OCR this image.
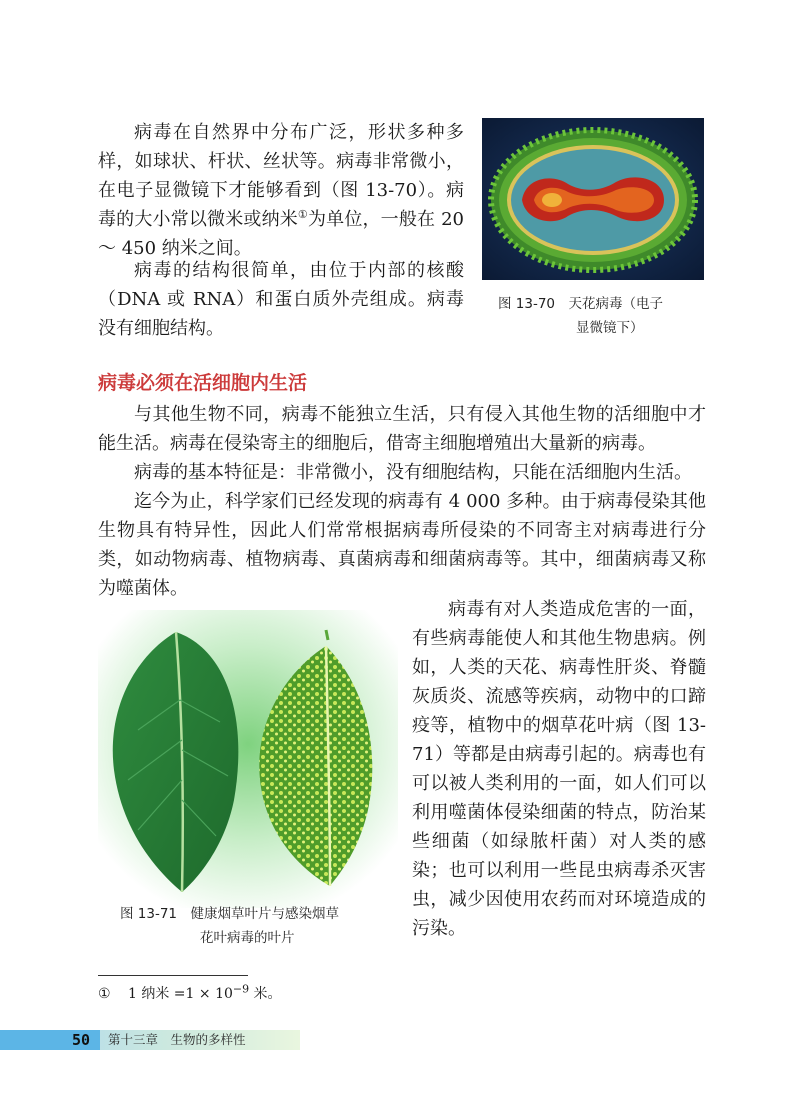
病毒在自然界中分布广泛，形状多种多样，如球状、杆状、丝状等。病毒非常微小，在电子显微镜下才能够看到（图 13-70）。病毒的大小常以微米或纳米①为单位，一般在 20 ～ 450 纳米之间。

病毒的结构很简单，由位于内部的核酸（DNA 或 RNA）和蛋白质外壳组成。病毒没有细胞结构。

图 13-70　天花病毒（电子
显微镜下）

病毒必须在活细胞内生活

与其他生物不同，病毒不能独立生活，只有侵入其他生物的活细胞中才能生活。病毒在侵染寄主的细胞后，借寄主细胞增殖出大量新的病毒。

病毒的基本特征是：非常微小，没有细胞结构，只能在活细胞内生活。

迄今为止，科学家们已经发现的病毒有 4 000 多种。由于病毒侵染其他生物具有特异性，因此人们常常根据病毒所侵染的不同寄主对病毒进行分类，如动物病毒、植物病毒、真菌病毒和细菌病毒等。其中，细菌病毒又称为噬菌体。

病毒有对人类造成危害的一面，有些病毒能使人和其他生物患病。例如，人类的天花、病毒性肝炎、脊髓灰质炎、流感等疾病，动物中的口蹄疫等，植物中的烟草花叶病（图 13-71）等都是由病毒引起的。病毒也有可以被人类利用的一面，如人们可以利用噬菌体侵染细菌的特点，防治某些细菌（如绿脓杆菌）对人类的感染；也可以利用一些昆虫病毒杀灭害虫，减少因使用农药而对环境造成的污染。

图 13-71　健康烟草叶片与感染烟草
花叶病毒的叶片

① 1 纳米 $=1 \times 10^{-9}$ 米。

50	第十三章　生物的多样性
